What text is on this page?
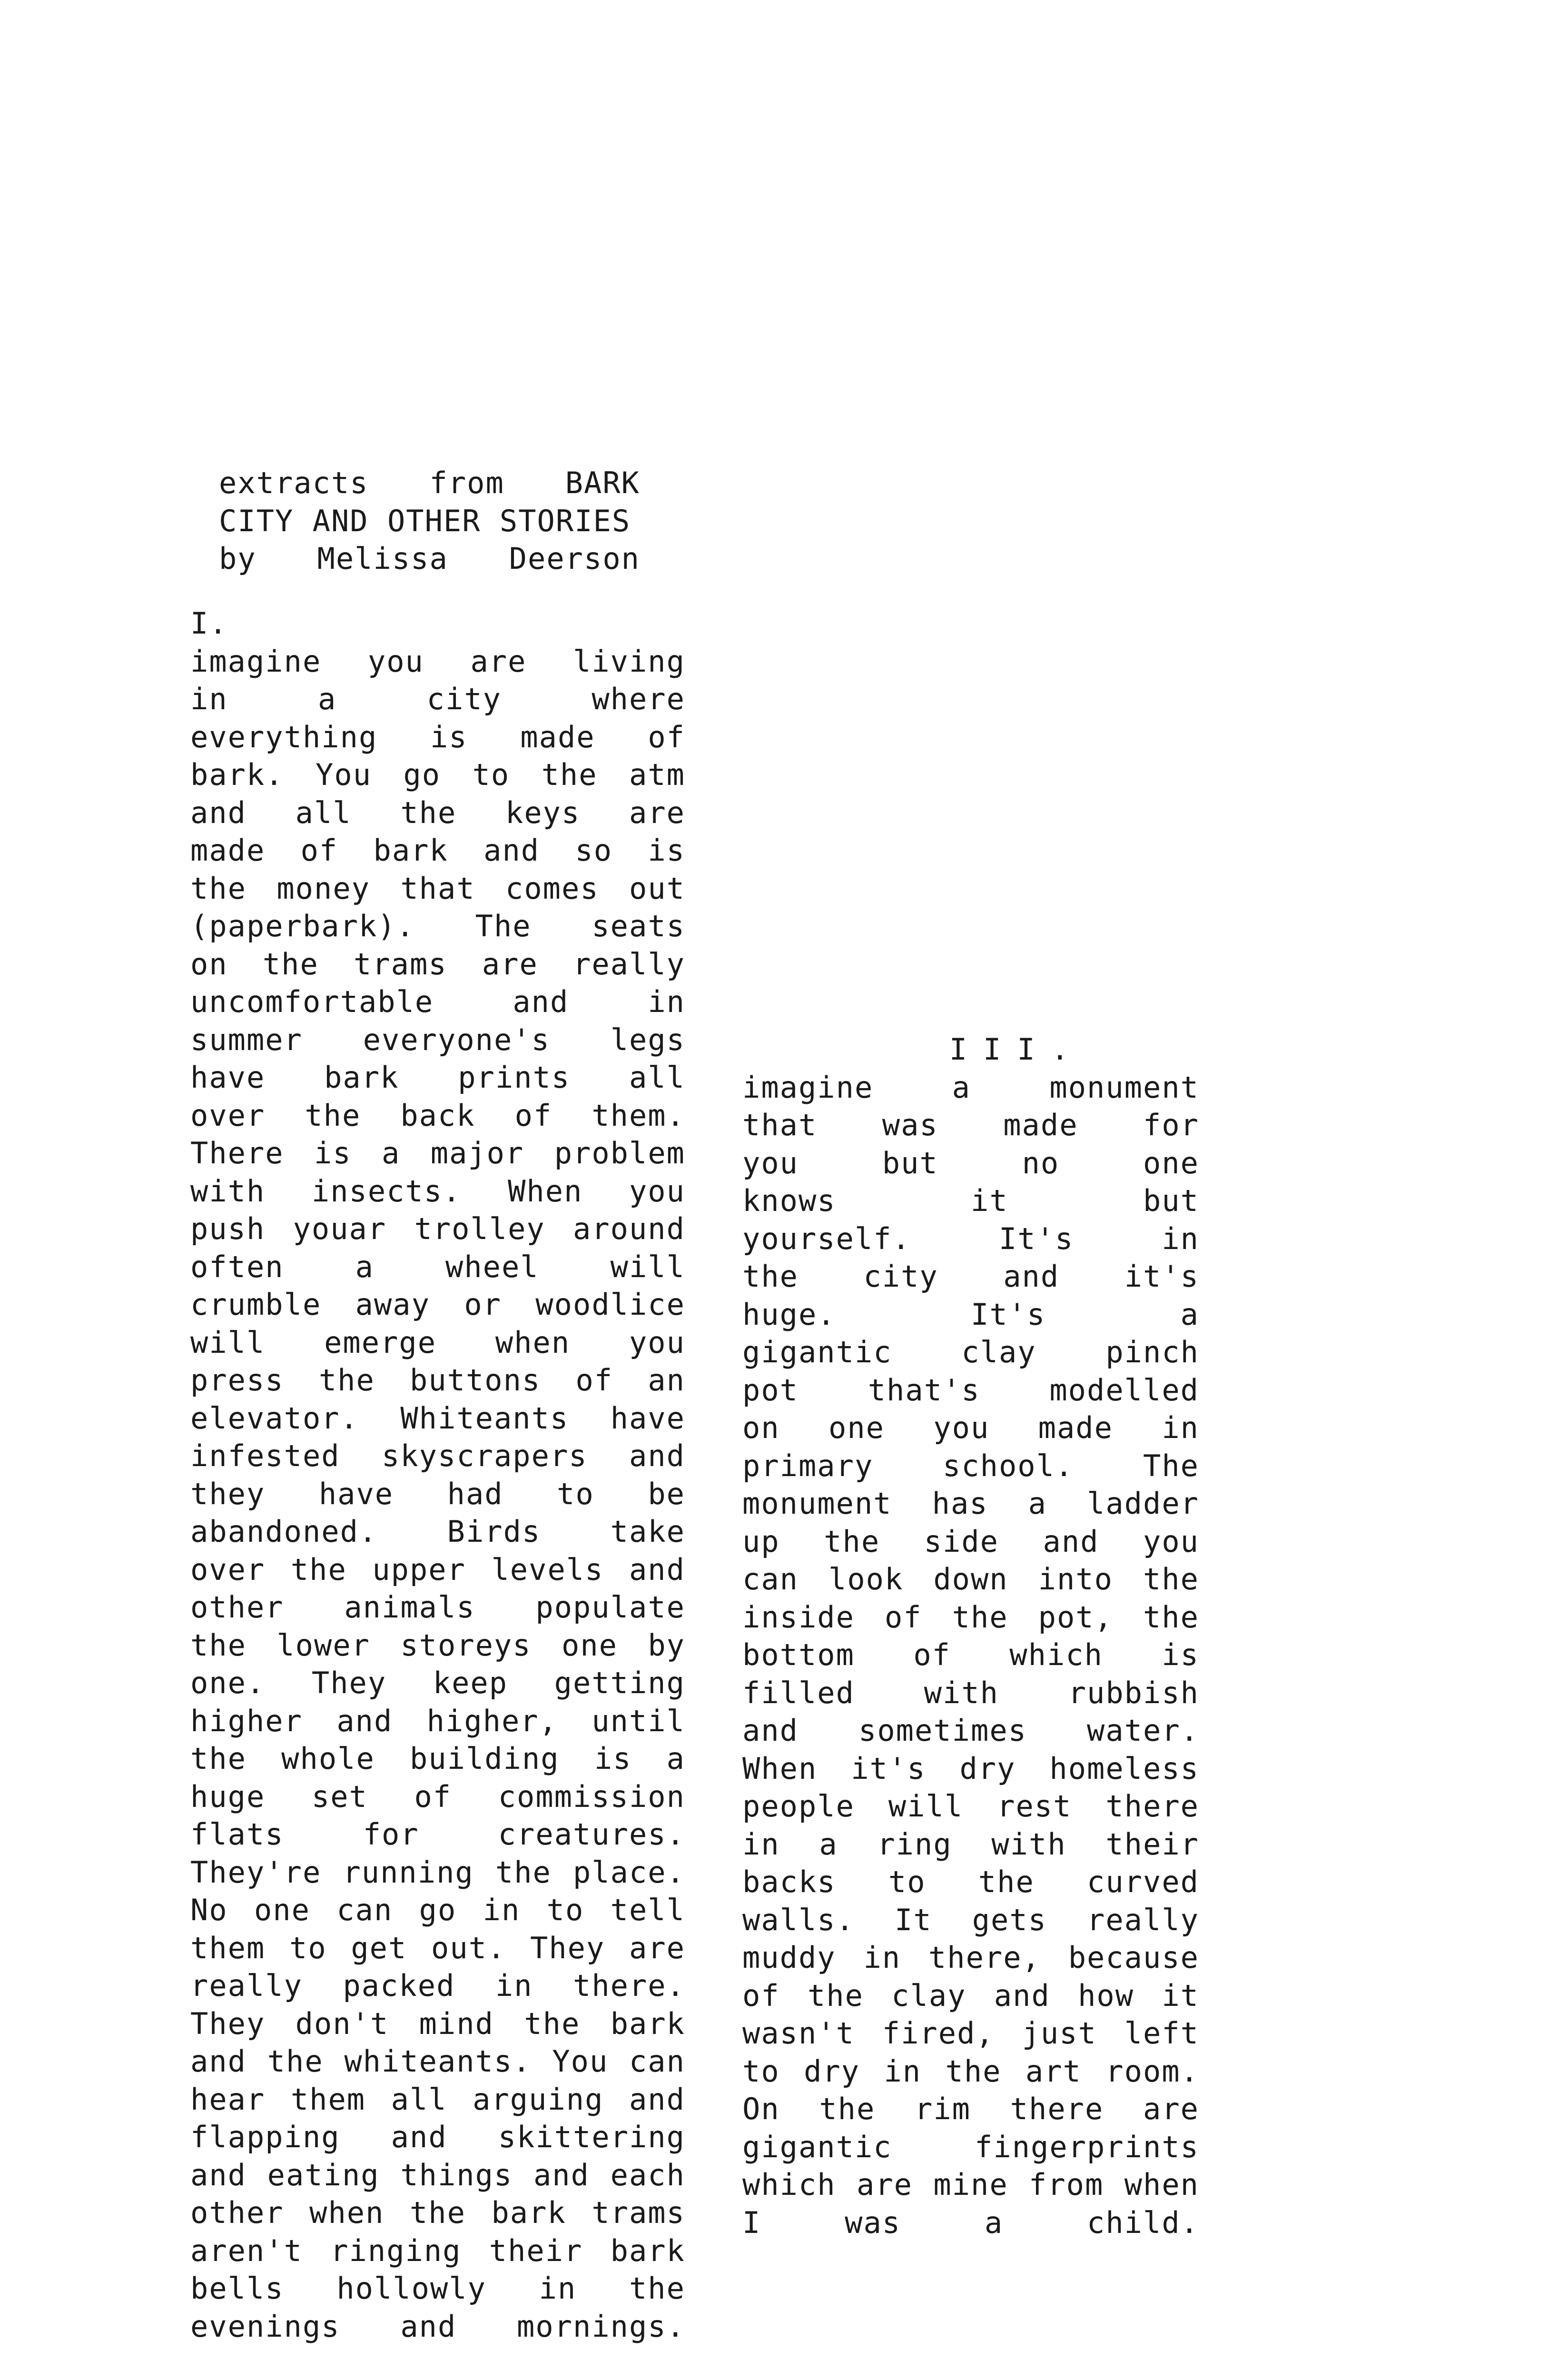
extracts from BARK
CITY AND OTHER STORIES
by Melissa Deerson
I.
imagine you are living
in	a	city	where
everything is made of
bark. You go to the atm
and all the keys are
made of bark and so is
the money that comes out
(paperbark). The seats
on the trams are really
uncomfortable	and	in
summer everyone's legs
have bark prints all
over the back of them.
There is a major problem
with insects. When you
push youar trolley around
often a wheel will
crumble away or woodlice
will emerge when you
press the buttons of an
elevator. Whiteants have
infested skyscrapers and
they have had to be
abandoned. Birds take
over the upper levels and
other animals populate
the lower storeys one by
one. They keep getting
higher and higher, until
the whole building is a
huge set of commission
flats	for	creatures.
They're running the place.
No one can go in to tell
them to get out. They are
really packed in there.
They don't mind the bark
and the whiteants. You can
hear them all arguing and
flapping and skittering
and eating things and each
other when the bark trams
aren't ringing their bark
bells hollowly in the
evenings and mornings.
III.
imagine	a	monument
that was made for
you	but	no	one
knows	it	but
yourself.	It's	in
the city and it's
huge.	It's	a
gigantic clay pinch
pot that's modelled
on one you made in
primary school. The
monument has a ladder
up the side and you
can look down into the
inside of the pot, the
bottom of which is
filled with rubbish
and sometimes water.
When it's dry homeless
people will rest there
in a ring with their
backs to the curved
walls. It gets really
muddy in there, because
of the clay and how it
wasn't fired, just left
to dry in the art room.
On the rim there are
gigantic	fingerprints
which are mine from when
I	was	a	child.
